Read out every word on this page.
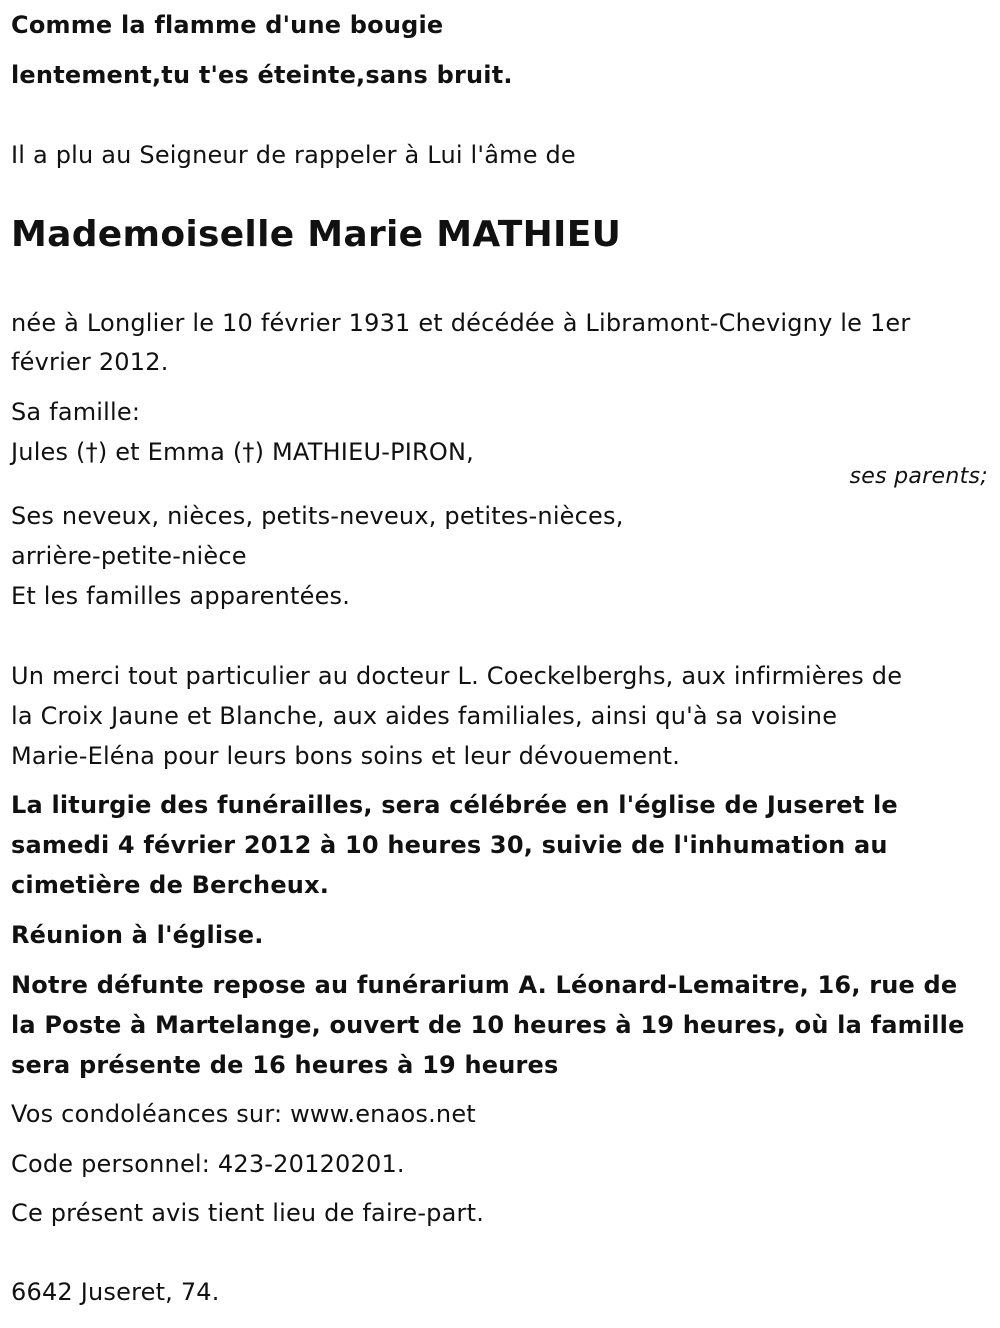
Comme la flamme d'une bougie
lentement,tu t'es éteinte,sans bruit.
Il a plu au Seigneur de rappeler à Lui l'âme de
Mademoiselle Marie MATHIEU
née à Longlier le 10 février 1931 et décédée à Libramont-Chevigny le 1er
février 2012.
Sa famille:
Jules (†) et Emma (†) MATHIEU-PIRON,
ses parents;
Ses neveux, nièces, petits-neveux, petites-nièces,
arrière-petite-nièce
Et les familles apparentées.
Un merci tout particulier au docteur L. Coeckelberghs, aux infirmières de
la Croix Jaune et Blanche, aux aides familiales, ainsi qu'à sa voisine
Marie-Eléna pour leurs bons soins et leur dévouement.
La liturgie des funérailles, sera célébrée en l'église de Juseret le
samedi 4 février 2012 à 10 heures 30, suivie de l'inhumation au
cimetière de Bercheux.
Réunion à l'église.
Notre défunte repose au funérarium A. Léonard-Lemaitre, 16, rue de
la Poste à Martelange, ouvert de 10 heures à 19 heures, où la famille
sera présente de 16 heures à 19 heures
Vos condoléances sur: www.enaos.net
Code personnel: 423-20120201.
Ce présent avis tient lieu de faire-part.
6642 Juseret, 74.
